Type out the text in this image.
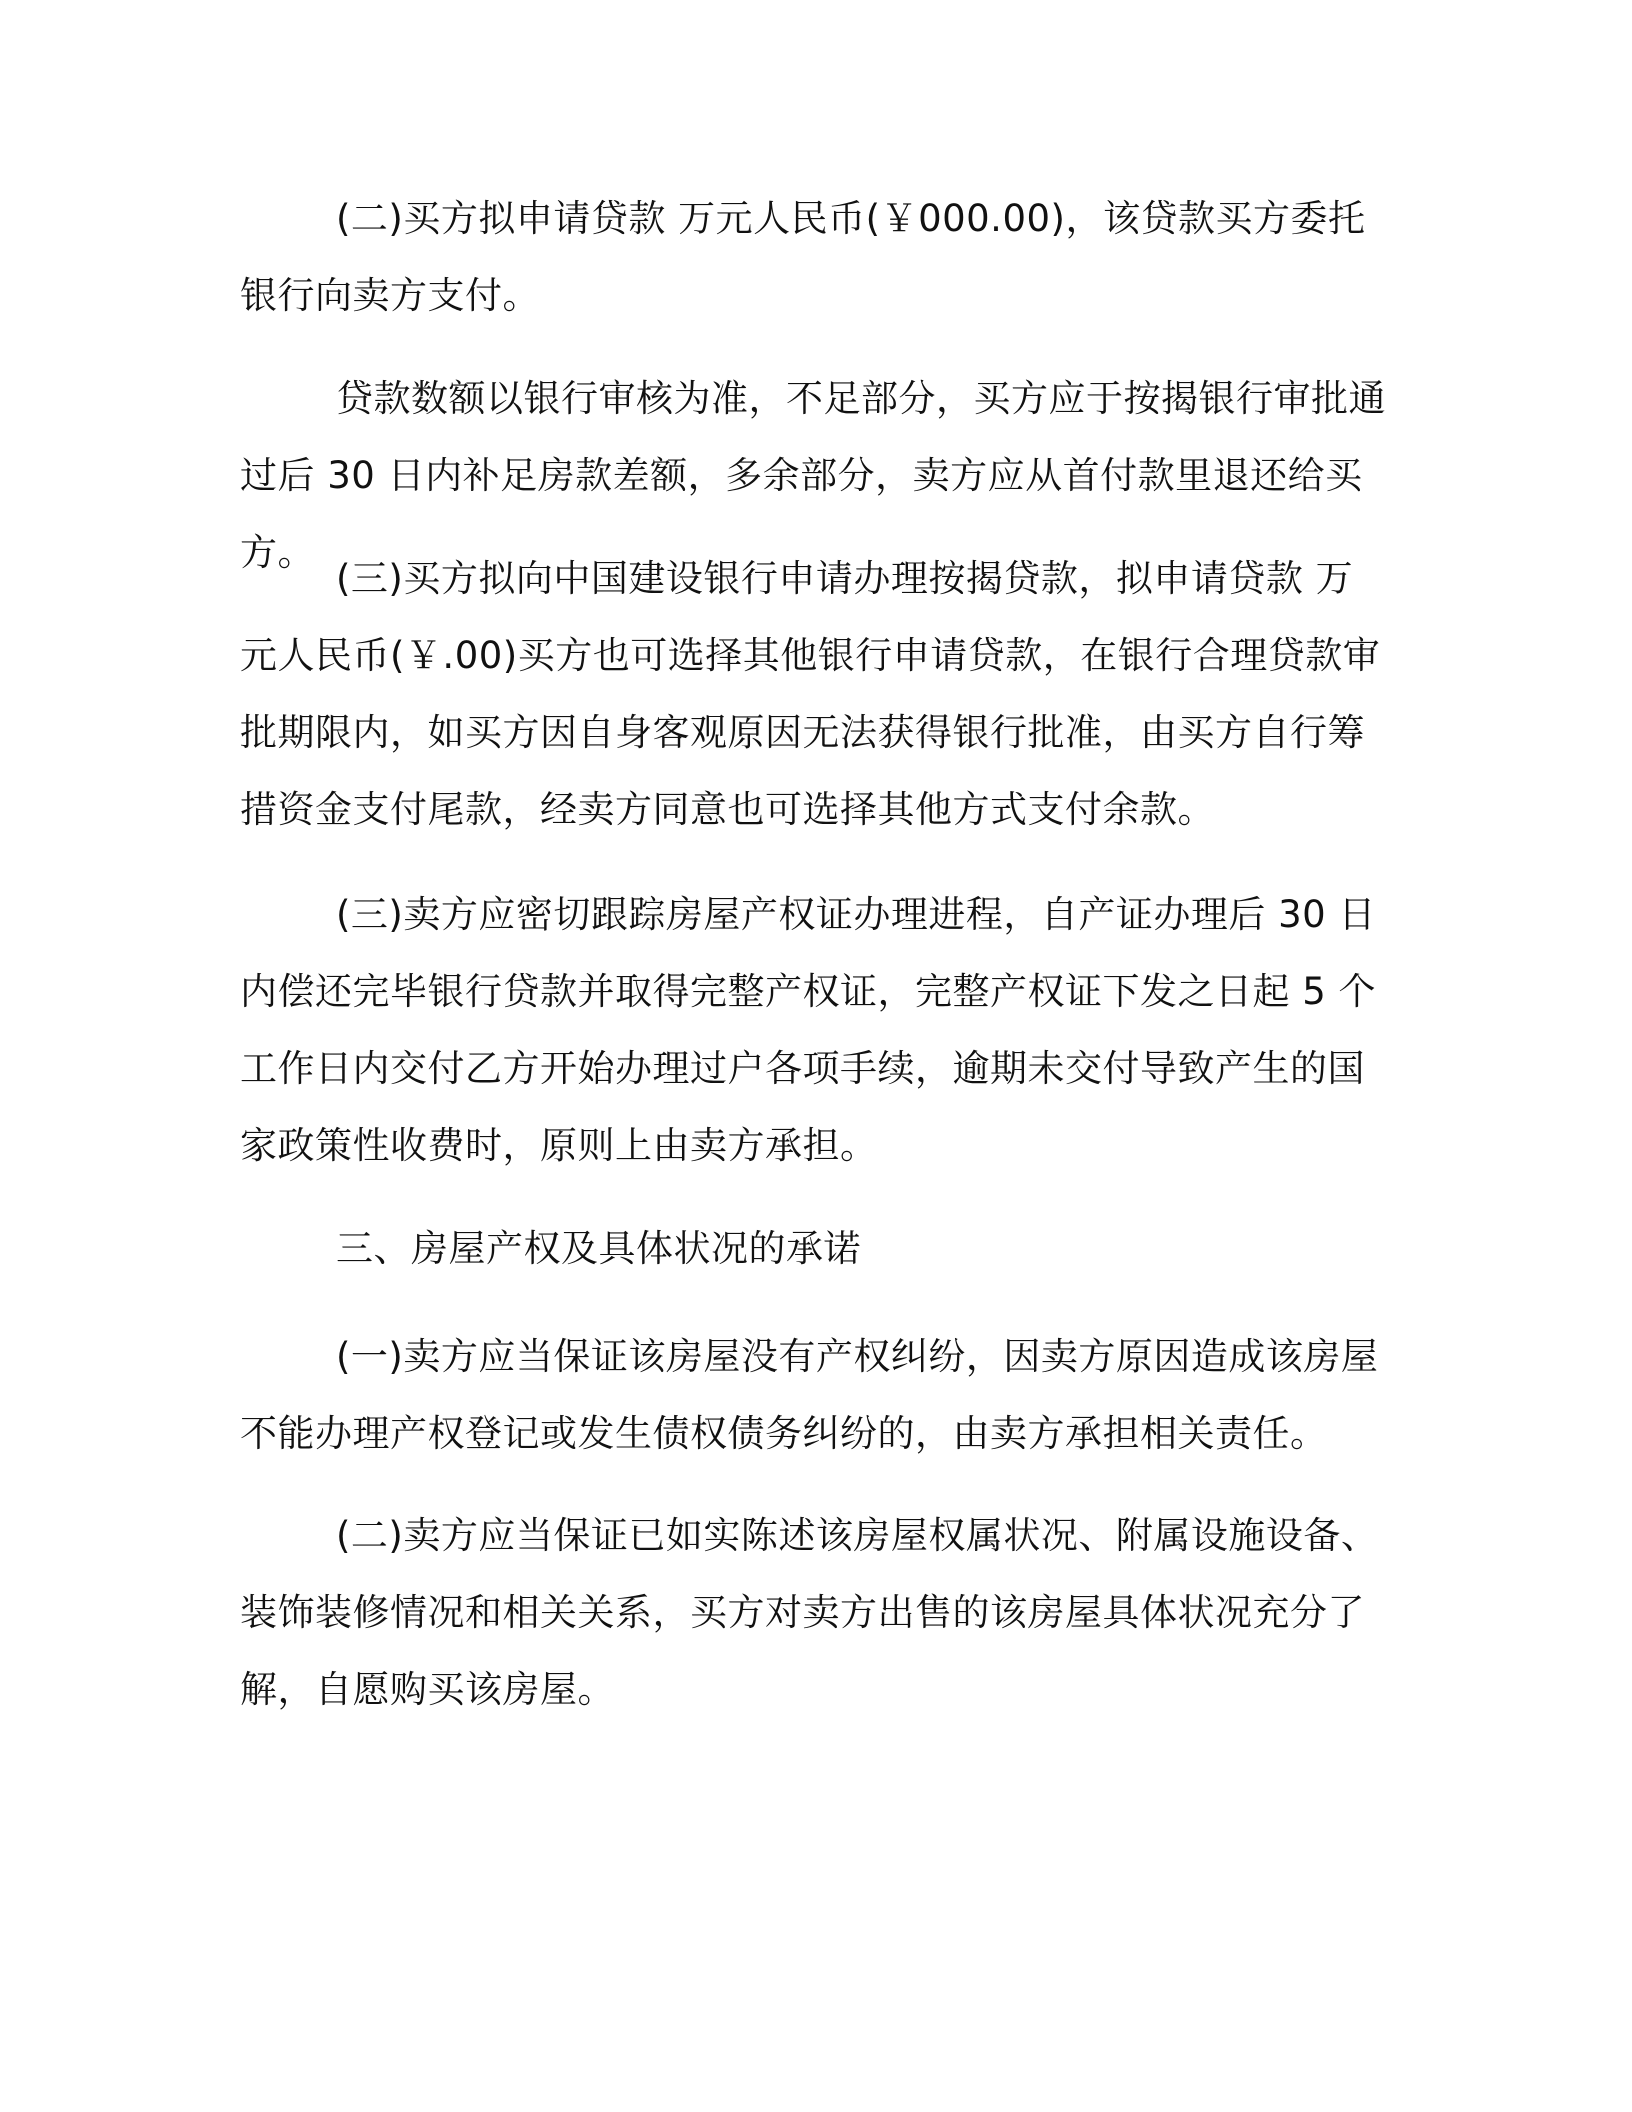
(二)买方拟申请贷款 万元人民币(￥000.00)，该贷款买方委托银行向卖方支付。

贷款数额以银行审核为准，不足部分，买方应于按揭银行审批通过后 30 日内补足房款差额，多余部分，卖方应从首付款里退还给买方。

(三)买方拟向中国建设银行申请办理按揭贷款，拟申请贷款 万元人民币(￥.00)买方也可选择其他银行申请贷款，在银行合理贷款审批期限内，如买方因自身客观原因无法获得银行批准，由买方自行筹措资金支付尾款，经卖方同意也可选择其他方式支付余款。

(三)卖方应密切跟踪房屋产权证办理进程，自产证办理后 30 日内偿还完毕银行贷款并取得完整产权证，完整产权证下发之日起 5 个工作日内交付乙方开始办理过户各项手续，逾期未交付导致产生的国家政策性收费时，原则上由卖方承担。

三、房屋产权及具体状况的承诺

(一)卖方应当保证该房屋没有产权纠纷，因卖方原因造成该房屋不能办理产权登记或发生债权债务纠纷的，由卖方承担相关责任。

(二)卖方应当保证已如实陈述该房屋权属状况、附属设施设备、装饰装修情况和相关关系，买方对卖方出售的该房屋具体状况充分了解，自愿购买该房屋。
